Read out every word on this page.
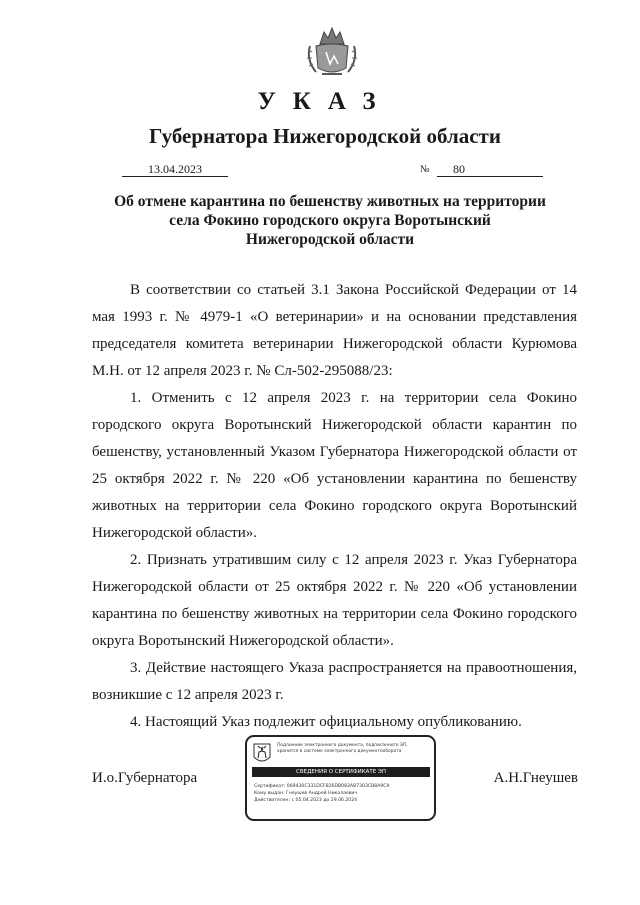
УКАЗ
Губернатора Нижегородской области
13.04.2023	№	80
Об отмене карантина по бешенству животных на территории
села Фокино городского округа Воротынский
Нижегородской области

В соответствии со статьей 3.1 Закона Российской Федерации от 14 мая 1993 г. № 4979-1 «О ветеринарии» и на основании представления председателя комитета ветеринарии Нижегородской области Курюмова М.Н. от 12 апреля 2023 г. № Сл-502-295088/23:

1. Отменить с 12 апреля 2023 г. на территории села Фокино городского округа Воротынский Нижегородской области карантин по бешенству, установленный Указом Губернатора Нижегородской области от 25 октября 2022 г. № 220 «Об установлении карантина по бешенству животных на территории села Фокино городского округа Воротынский Нижегородской области».

2. Признать утратившим силу с 12 апреля 2023 г. Указ Губернатора Нижегородской области от 25 октября 2022 г. № 220 «Об установлении карантина по бешенству животных на территории села Фокино городского округа Воротынский Нижегородской области».

3. Действие настоящего Указа распространяется на правоотношения, возникшие с 12 апреля 2023 г.

4. Настоящий Указ подлежит официальному опубликованию.

И.о.Губернатора	А.Н.Гнеушев
Подлинник электронного документа, подписанного ЭП,
хранится в системе электронного документооборота
СВЕДЕНИЯ О СЕРТИФИКАТЕ ЭП
Сертификат: 069430C331DCF826DB083AB7303CB8A9C9
Кому выдан: Гнеушев Андрей Николаевич
Действителен: с 05.04.2023 до 29.06.2024
